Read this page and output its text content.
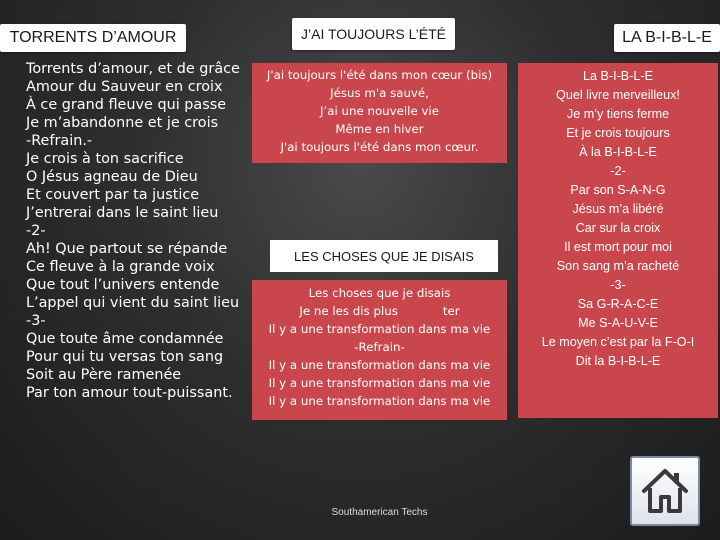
TORRENTS D’AMOUR	J’AI TOUJOURS L’ÉTÉ	LA B-I-B-L-E
Torrents d’amour, et de grâce
Amour du Sauveur en croix
À ce grand fleuve qui passe
Je m’abandonne et je crois
-Refrain.-
Je crois à ton sacrifice
O Jésus agneau de Dieu
Et couvert par ta justice
J’entrerai dans le saint lieu
-2-
Ah! Que partout se répande
Ce fleuve à la grande voix
Que tout l’univers entende
L’appel qui vient du saint lieu
-3-
Que toute âme condamnée
Pour qui tu versas ton sang
Soit au Père ramenée
Par ton amour tout-puissant.
J'ai toujours l'été dans mon cœur (bis)
Jésus m'a sauvé,
J’ai une nouvelle vie
Même en hiver
J'ai toujours l'été dans mon cœur.
LES CHOSES QUE JE DISAIS
Les choses que je disais
Je ne les dis plus            ter
Il y a une transformation dans ma vie
-Refrain-
Il y a une transformation dans ma vie
Il y a une transformation dans ma vie
Il y a une transformation dans ma vie
La B-I-B-L-E
Quel livre merveilleux!
Je m’y tiens ferme
Et je crois toujours
À la B-I-B-L-E
-2-
Par son S-A-N-G
Jésus m’a libéré
Car sur la croix
Il est mort pour moi
Son sang m’a racheté
-3-
Sa G-R-A-C-E
Me S-A-U-V-E
Le moyen c’est par la F-O-I
Dit la B-I-B-L-E
Southamerican Techs
